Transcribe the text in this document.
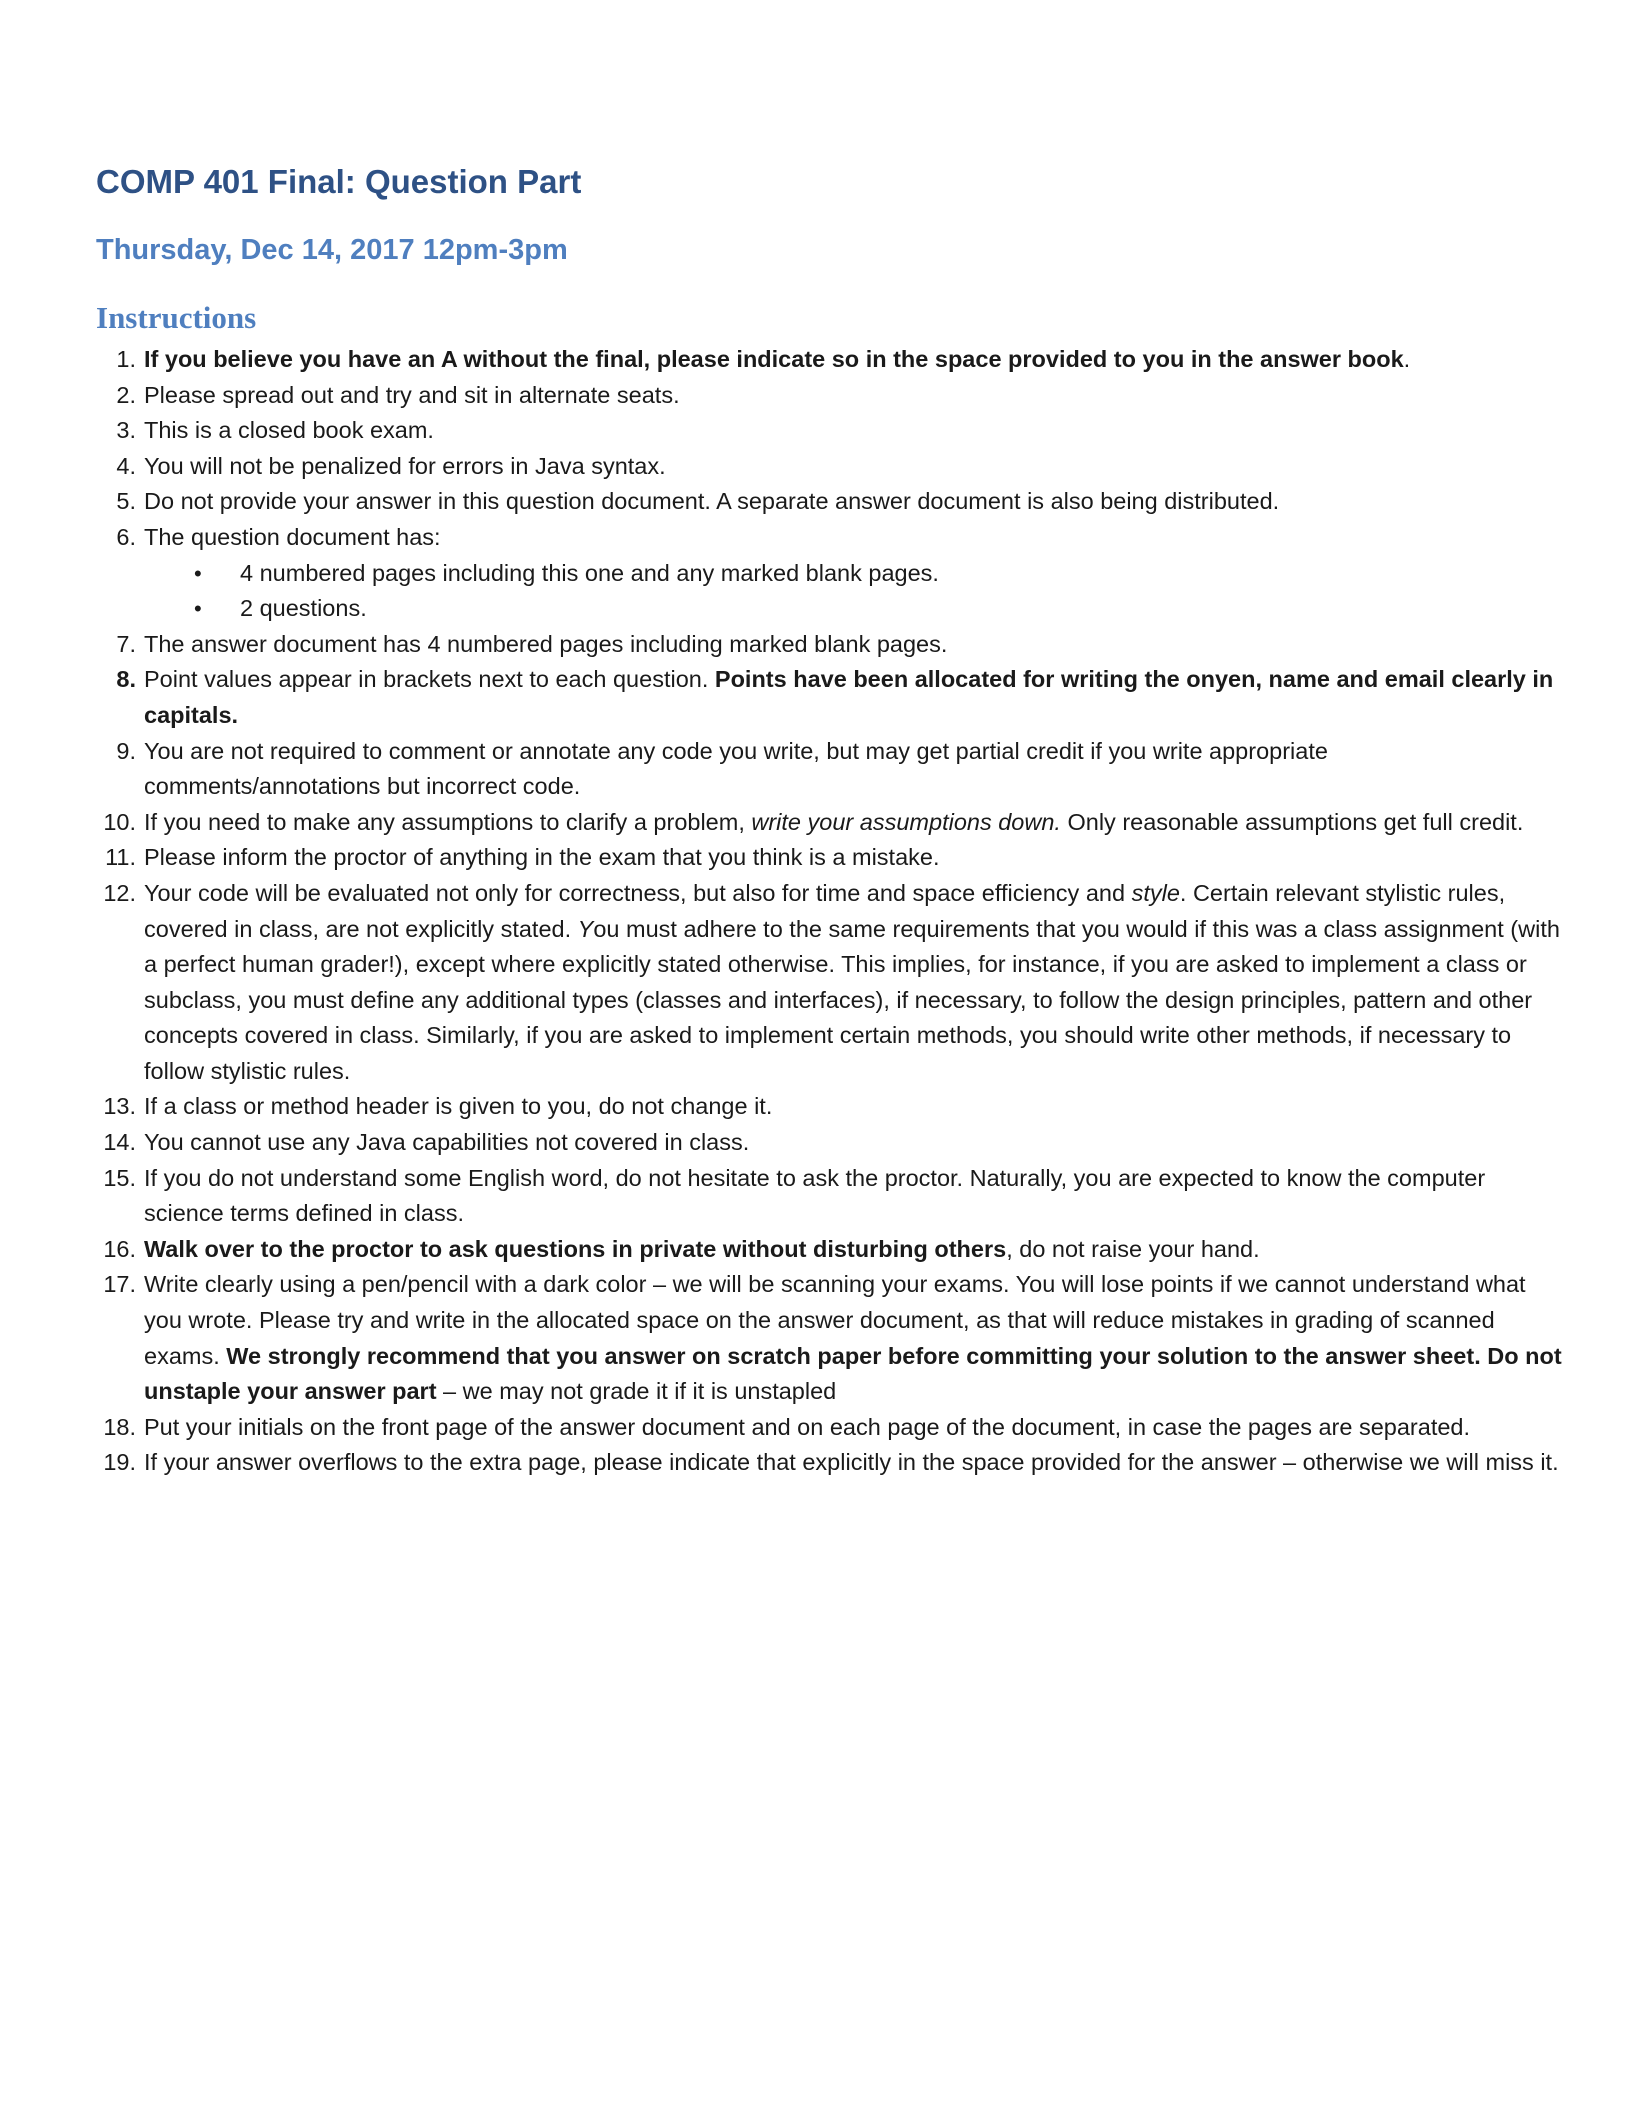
COMP 401 Final: Question Part
Thursday, Dec 14, 2017 12pm-3pm
Instructions
1. If you believe you have an A without the final, please indicate so in the space provided to you in the answer book.
2. Please spread out and try and sit in alternate seats.
3. This is a closed book exam.
4. You will not be penalized for errors in Java syntax.
5. Do not provide your answer in this question document. A separate answer document is also being distributed.
6. The question document has:
• 4 numbered pages including this one and any marked blank pages.
• 2 questions.
7. The answer document has 4 numbered pages including marked blank pages.
8. Point values appear in brackets next to each question. Points have been allocated for writing the onyen, name and email clearly in capitals.
9. You are not required to comment or annotate any code you write, but may get partial credit if you write appropriate comments/annotations but incorrect code.
10. If you need to make any assumptions to clarify a problem, write your assumptions down. Only reasonable assumptions get full credit.
11. Please inform the proctor of anything in the exam that you think is a mistake.
12. Your code will be evaluated not only for correctness, but also for time and space efficiency and style. Certain relevant stylistic rules, covered in class, are not explicitly stated. You must adhere to the same requirements that you would if this was a class assignment (with a perfect human grader!), except where explicitly stated otherwise. This implies, for instance, if you are asked to implement a class or subclass, you must define any additional types (classes and interfaces), if necessary, to follow the design principles, pattern and other concepts covered in class. Similarly, if you are asked to implement certain methods, you should write other methods, if necessary to follow stylistic rules.
13. If a class or method header is given to you, do not change it.
14. You cannot use any Java capabilities not covered in class.
15. If you do not understand some English word, do not hesitate to ask the proctor. Naturally, you are expected to know the computer science terms defined in class.
16. Walk over to the proctor to ask questions in private without disturbing others, do not raise your hand.
17. Write clearly using a pen/pencil with a dark color – we will be scanning your exams. You will lose points if we cannot understand what you wrote. Please try and write in the allocated space on the answer document, as that will reduce mistakes in grading of scanned exams. We strongly recommend that you answer on scratch paper before committing your solution to the answer sheet. Do not unstaple your answer part – we may not grade it if it is unstapled
18. Put your initials on the front page of the answer document and on each page of the document, in case the pages are separated.
19. If your answer overflows to the extra page, please indicate that explicitly in the space provided for the answer – otherwise we will miss it.
